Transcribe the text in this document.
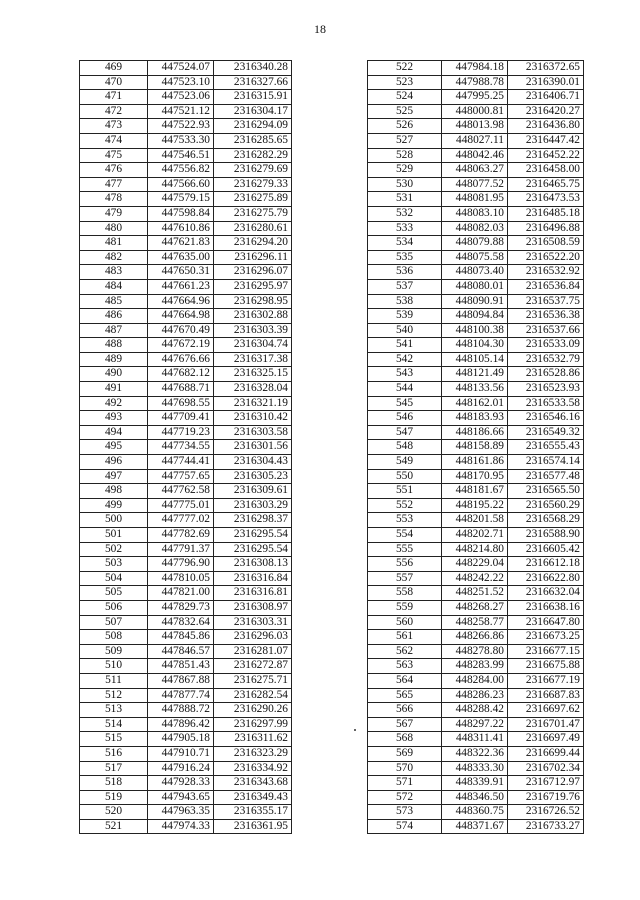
18
469	447524.07	2316340.28
470	447523.10	2316327.66
471	447523.06	2316315.91
472	447521.12	2316304.17
473	447522.93	2316294.09
474	447533.30	2316285.65
475	447546.51	2316282.29
476	447556.82	2316279.69
477	447566.60	2316279.33
478	447579.15	2316275.89
479	447598.84	2316275.79
480	447610.86	2316280.61
481	447621.83	2316294.20
482	447635.00	2316296.11
483	447650.31	2316296.07
484	447661.23	2316295.97
485	447664.96	2316298.95
486	447664.98	2316302.88
487	447670.49	2316303.39
488	447672.19	2316304.74
489	447676.66	2316317.38
490	447682.12	2316325.15
491	447688.71	2316328.04
492	447698.55	2316321.19
493	447709.41	2316310.42
494	447719.23	2316303.58
495	447734.55	2316301.56
496	447744.41	2316304.43
497	447757.65	2316305.23
498	447762.58	2316309.61
499	447775.01	2316303.29
500	447777.02	2316298.37
501	447782.69	2316295.54
502	447791.37	2316295.54
503	447796.90	2316308.13
504	447810.05	2316316.84
505	447821.00	2316316.81
506	447829.73	2316308.97
507	447832.64	2316303.31
508	447845.86	2316296.03
509	447846.57	2316281.07
510	447851.43	2316272.87
511	447867.88	2316275.71
512	447877.74	2316282.54
513	447888.72	2316290.26
514	447896.42	2316297.99
515	447905.18	2316311.62
516	447910.71	2316323.29
517	447916.24	2316334.92
518	447928.33	2316343.68
519	447943.65	2316349.43
520	447963.35	2316355.17
521	447974.33	2316361.95
522	447984.18	2316372.65
523	447988.78	2316390.01
524	447995.25	2316406.71
525	448000.81	2316420.27
526	448013.98	2316436.80
527	448027.11	2316447.42
528	448042.46	2316452.22
529	448063.27	2316458.00
530	448077.52	2316465.75
531	448081.95	2316473.53
532	448083.10	2316485.18
533	448082.03	2316496.88
534	448079.88	2316508.59
535	448075.58	2316522.20
536	448073.40	2316532.92
537	448080.01	2316536.84
538	448090.91	2316537.75
539	448094.84	2316536.38
540	448100.38	2316537.66
541	448104.30	2316533.09
542	448105.14	2316532.79
543	448121.49	2316528.86
544	448133.56	2316523.93
545	448162.01	2316533.58
546	448183.93	2316546.16
547	448186.66	2316549.32
548	448158.89	2316555.43
549	448161.86	2316574.14
550	448170.95	2316577.48
551	448181.67	2316565.50
552	448195.22	2316560.29
553	448201.58	2316568.29
554	448202.71	2316588.90
555	448214.80	2316605.42
556	448229.04	2316612.18
557	448242.22	2316622.80
558	448251.52	2316632.04
559	448268.27	2316638.16
560	448258.77	2316647.80
561	448266.86	2316673.25
562	448278.80	2316677.15
563	448283.99	2316675.88
564	448284.00	2316677.19
565	448286.23	2316687.83
566	448288.42	2316697.62
567	448297.22	2316701.47
568	448311.41	2316697.49
569	448322.36	2316699.44
570	448333.30	2316702.34
571	448339.91	2316712.97
572	448346.50	2316719.76
573	448360.75	2316726.52
574	448371.67	2316733.27
